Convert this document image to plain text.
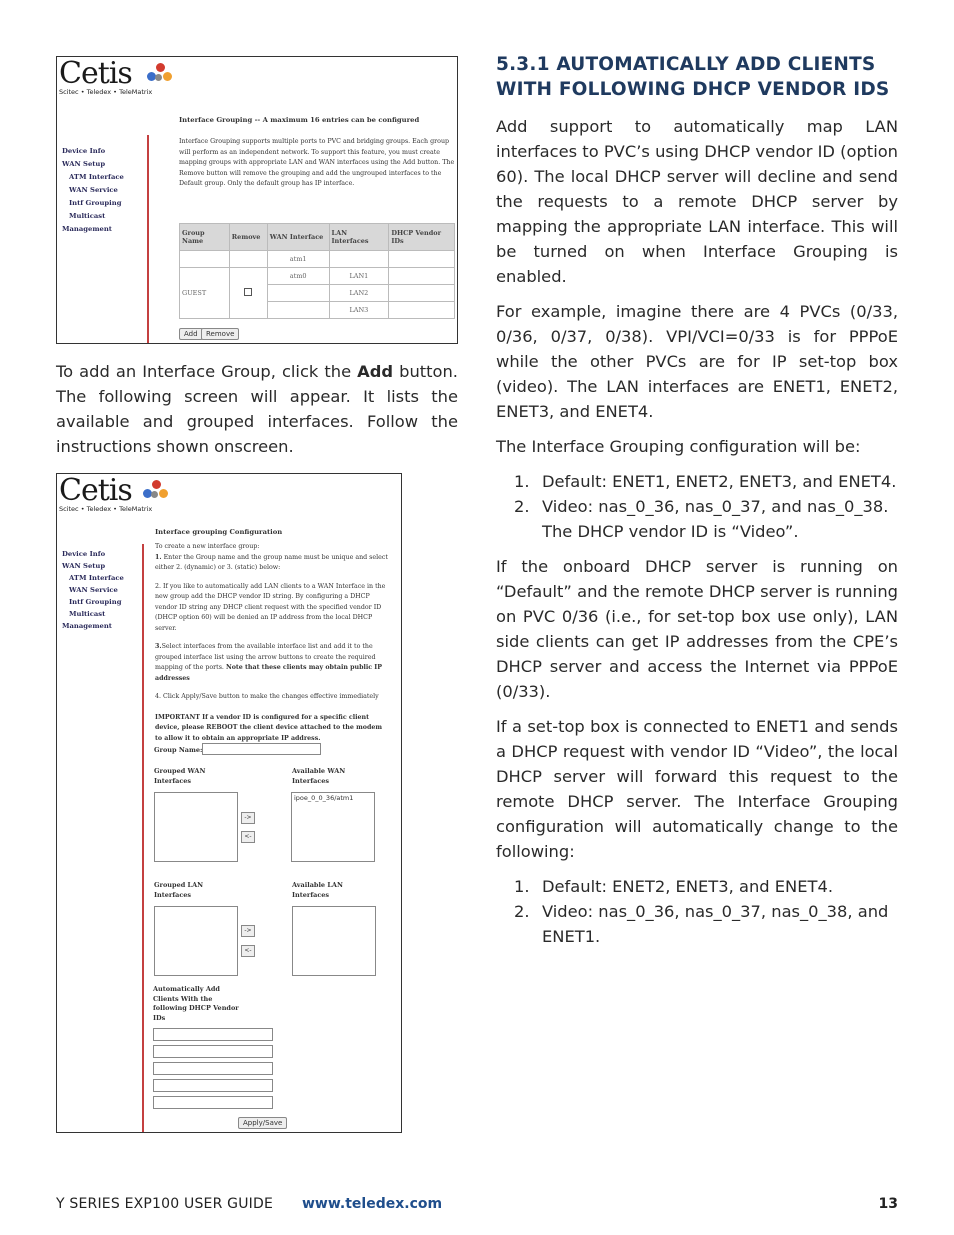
Cetis
Scitec • Teledex • TeleMatrix
Device Info
WAN Setup
ATM Interface
WAN Service
Intf Grouping
Multicast
Management
Interface Grouping -- A maximum 16 entries can be configured
Interface Grouping supports multiple ports to PVC and bridging groups. Each group will perform as an independent network. To support this feature, you must create mapping groups with appropriate LAN and WAN interfaces using the Add button. The Remove button will remove the grouping and add the ungrouped interfaces to the Default group. Only the default group has IP interface.
Group Name	Remove	WAN Interface	LAN Interfaces	DHCP Vendor IDs
		atm1		
GUEST		atm0	LAN1	
			LAN2	
			LAN3	
Add	Remove
To add an Interface Group, click the Add button. The following screen will appear. It lists the available and grouped interfaces. Follow the instructions shown onscreen.
Cetis
Scitec • Teledex • TeleMatrix
Device Info
WAN Setup
ATM Interface
WAN Service
Intf Grouping
Multicast
Management
Interface grouping Configuration
To create a new interface group:
1. Enter the Group name and the group name must be unique and select either 2. (dynamic) or 3. (static) below:
2. If you like to automatically add LAN clients to a WAN Interface in the new group add the DHCP vendor ID string. By configuring a DHCP vendor ID string any DHCP client request with the specified vendor ID (DHCP option 60) will be denied an IP address from the local DHCP server.
3.Select interfaces from the available interface list and add it to the grouped interface list using the arrow buttons to create the required mapping of the ports. Note that these clients may obtain public IP addresses
4. Click Apply/Save button to make the changes effective immediately
IMPORTANT If a vendor ID is configured for a specific client device, please REBOOT the client device attached to the modem to allow it to obtain an appropriate IP address.
Group Name:
Grouped WAN Interfaces
Available WAN Interfaces
->
<-
ipoe_0_0_36/atm1
Grouped LAN Interfaces
Available LAN Interfaces
->
<-
Automatically Add Clients With the following DHCP Vendor IDs
Apply/Save
5.3.1 AUTOMATICALLY ADD CLIENTS WITH FOLLOWING DHCP VENDOR IDS

Add support to automatically map LAN interfaces to PVC’s using DHCP vendor ID (option 60). The local DHCP server will decline and send the requests to a remote DHCP server by mapping the appropriate LAN interface. This will be turned on when Interface Grouping is enabled.

For example, imagine there are 4 PVCs (0/33, 0/36, 0/37, 0/38). VPI/VCI=0/33 is for PPPoE while the other PVCs are for IP set-top box (video). The LAN interfaces are ENET1, ENET2, ENET3, and ENET4.

The Interface Grouping configuration will be:

1. Default: ENET1, ENET2, ENET3, and ENET4.
2. Video: nas_0_36, nas_0_37, and nas_0_38. The DHCP vendor ID is “Video”.

If the onboard DHCP server is running on “Default” and the remote DHCP server is running on PVC 0/36 (i.e., for set-top box use only), LAN side clients can get IP addresses from the CPE’s DHCP server and access the Internet via PPPoE (0/33).

If a set-top box is connected to ENET1 and sends a DHCP request with vendor ID “Video”, the local DHCP server will forward this request to the remote DHCP server. The Interface Grouping configuration will automatically change to the following:

1. Default: ENET2, ENET3, and ENET4.
2. Video: nas_0_36, nas_0_37, nas_0_38, and ENET1.
Y SERIES EXP100 USER GUIDE www.teledex.com	13
